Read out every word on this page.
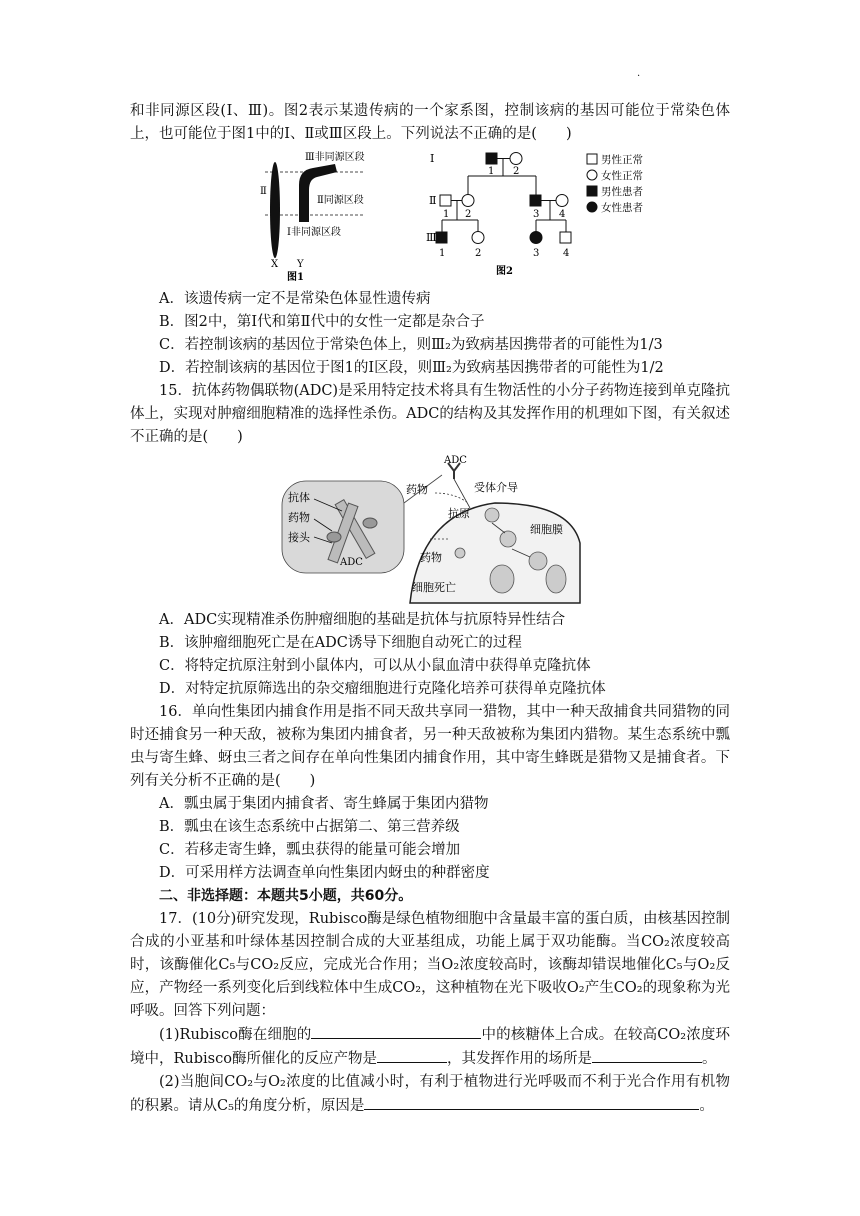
.

和非同源区段(Ⅰ、Ⅲ)。图2表示某遗传病的一个家系图，控制该病的基因可能位于常染色体上，也可能位于图1中的Ⅰ、Ⅱ或Ⅲ区段上。下列说法不正确的是(　　)

Ⅲ非同源区段
Ⅱ同源区段
Ⅱ
Ⅰ非同源区段
X Y
图1
Ⅰ
Ⅱ
Ⅲ
1 2
1 2	3 4
1	2	3 4
男性正常
女性正常
男性患者
女性患者
图2

A．该遗传病一定不是常染色体显性遗传病

B．图2中，第Ⅰ代和第Ⅱ代中的女性一定都是杂合子

C．若控制该病的基因位于常染色体上，则Ⅲ₂为致病基因携带者的可能性为1/3

D．若控制该病的基因位于图1的Ⅰ区段，则Ⅲ₂为致病基因携带者的可能性为1/2

15．抗体药物偶联物(ADC)是采用特定技术将具有生物活性的小分子药物连接到单克隆抗体上，实现对肿瘤细胞精准的选择性杀伤。ADC的结构及其发挥作用的机理如下图，有关叙述不正确的是(　　)

抗体
药物
接头
ADC
ADC
药物	受体介导
抗原
细胞膜
药物
细胞死亡

A．ADC实现精准杀伤肿瘤细胞的基础是抗体与抗原特异性结合

B．该肿瘤细胞死亡是在ADC诱导下细胞自动死亡的过程

C．将特定抗原注射到小鼠体内，可以从小鼠血清中获得单克隆抗体

D．对特定抗原筛选出的杂交瘤细胞进行克隆化培养可获得单克隆抗体

16．单向性集团内捕食作用是指不同天敌共享同一猎物，其中一种天敌捕食共同猎物的同时还捕食另一种天敌，被称为集团内捕食者，另一种天敌被称为集团内猎物。某生态系统中瓢虫与寄生蜂、蚜虫三者之间存在单向性集团内捕食作用，其中寄生蜂既是猎物又是捕食者。下列有关分析不正确的是(　　)

A．瓢虫属于集团内捕食者、寄生蜂属于集团内猎物

B．瓢虫在该生态系统中占据第二、第三营养级

C．若移走寄生蜂，瓢虫获得的能量可能会增加

D．可采用样方法调查单向性集团内蚜虫的种群密度

二、非选择题：本题共5小题，共60分。

17．(10分)研究发现，Rubisco酶是绿色植物细胞中含量最丰富的蛋白质，由核基因控制合成的小亚基和叶绿体基因控制合成的大亚基组成，功能上属于双功能酶。当CO₂浓度较高时，该酶催化C₅与CO₂反应，完成光合作用；当O₂浓度较高时，该酶却错误地催化C₅与O₂反应，产物经一系列变化后到线粒体中生成CO₂，这种植物在光下吸收O₂产生CO₂的现象称为光呼吸。回答下列问题：

(1)Rubisco酶在细胞的	中的核糖体上合成。在较高CO₂浓度环境中，Rubisco酶所催化的反应产物是	，其发挥作用的场所是	。

(2)当胞间CO₂与O₂浓度的比值减小时，有利于植物进行光呼吸而不利于光合作用有机物的积累。请从C₅的角度分析，原因是	。
